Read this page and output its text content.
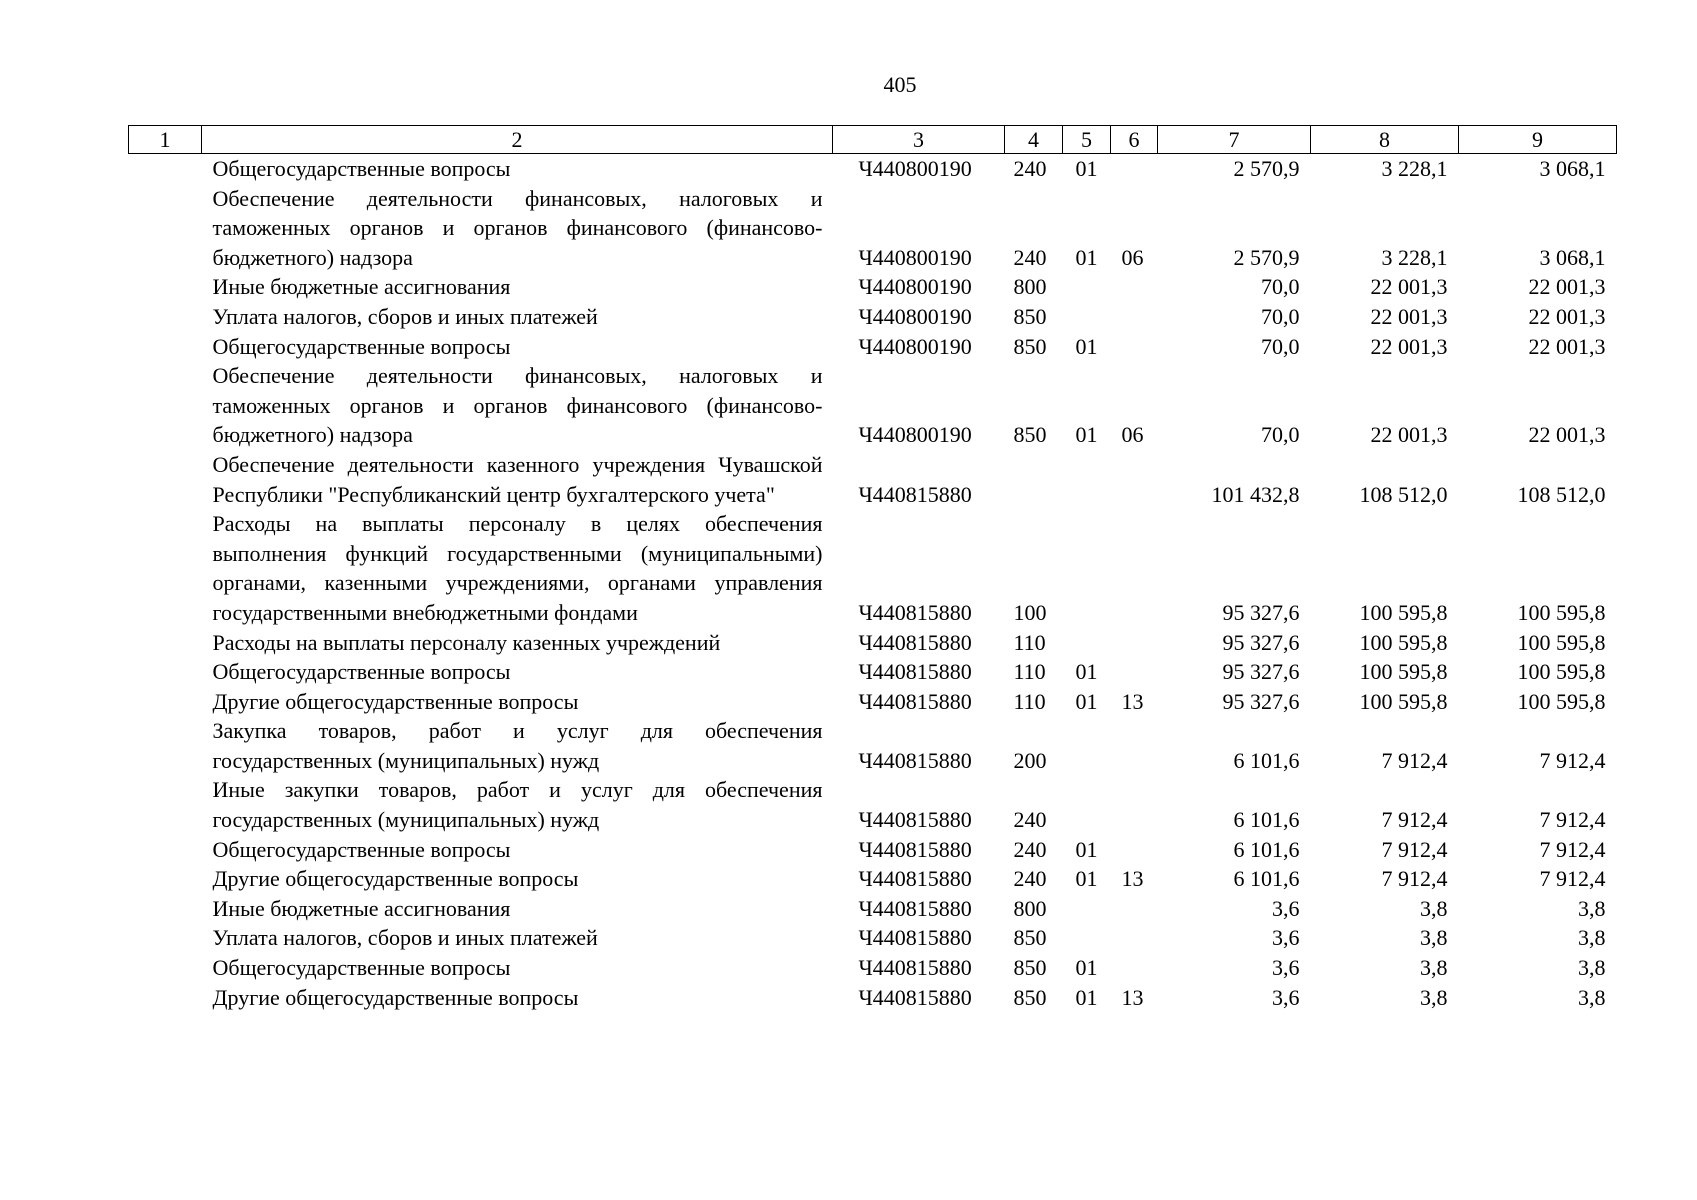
405
1	2	3	4	5	6	7	8	9
	Общегосударственные вопросы	Ч440800190	240	01		2 570,9	3 228,1	3 068,1
	Обеспечение деятельности финансовых, налоговых и таможенных органов и органов финансового (финансово-бюджетного) надзора	Ч440800190	240	01	06	2 570,9	3 228,1	3 068,1
	Иные бюджетные ассигнования	Ч440800190	800			70,0	22 001,3	22 001,3
	Уплата налогов, сборов и иных платежей	Ч440800190	850			70,0	22 001,3	22 001,3
	Общегосударственные вопросы	Ч440800190	850	01		70,0	22 001,3	22 001,3
	Обеспечение деятельности финансовых, налоговых и таможенных органов и органов финансового (финансово-бюджетного) надзора	Ч440800190	850	01	06	70,0	22 001,3	22 001,3
	Обеспечение деятельности казенного учреждения Чувашской Республики "Республиканский центр бухгалтерского учета"	Ч440815880				101 432,8	108 512,0	108 512,0
	Расходы на выплаты персоналу в целях обеспечения выполнения функций государственными (муниципальными) органами, казенными учреждениями, органами управления государственными внебюджетными фондами	Ч440815880	100			95 327,6	100 595,8	100 595,8
	Расходы на выплаты персоналу казенных учреждений	Ч440815880	110			95 327,6	100 595,8	100 595,8
	Общегосударственные вопросы	Ч440815880	110	01		95 327,6	100 595,8	100 595,8
	Другие общегосударственные вопросы	Ч440815880	110	01	13	95 327,6	100 595,8	100 595,8
	Закупка товаров, работ и услуг для обеспечения государственных (муниципальных) нужд	Ч440815880	200			6 101,6	7 912,4	7 912,4
	Иные закупки товаров, работ и услуг для обеспечения государственных (муниципальных) нужд	Ч440815880	240			6 101,6	7 912,4	7 912,4
	Общегосударственные вопросы	Ч440815880	240	01		6 101,6	7 912,4	7 912,4
	Другие общегосударственные вопросы	Ч440815880	240	01	13	6 101,6	7 912,4	7 912,4
	Иные бюджетные ассигнования	Ч440815880	800			3,6	3,8	3,8
	Уплата налогов, сборов и иных платежей	Ч440815880	850			3,6	3,8	3,8
	Общегосударственные вопросы	Ч440815880	850	01		3,6	3,8	3,8
	Другие общегосударственные вопросы	Ч440815880	850	01	13	3,6	3,8	3,8
